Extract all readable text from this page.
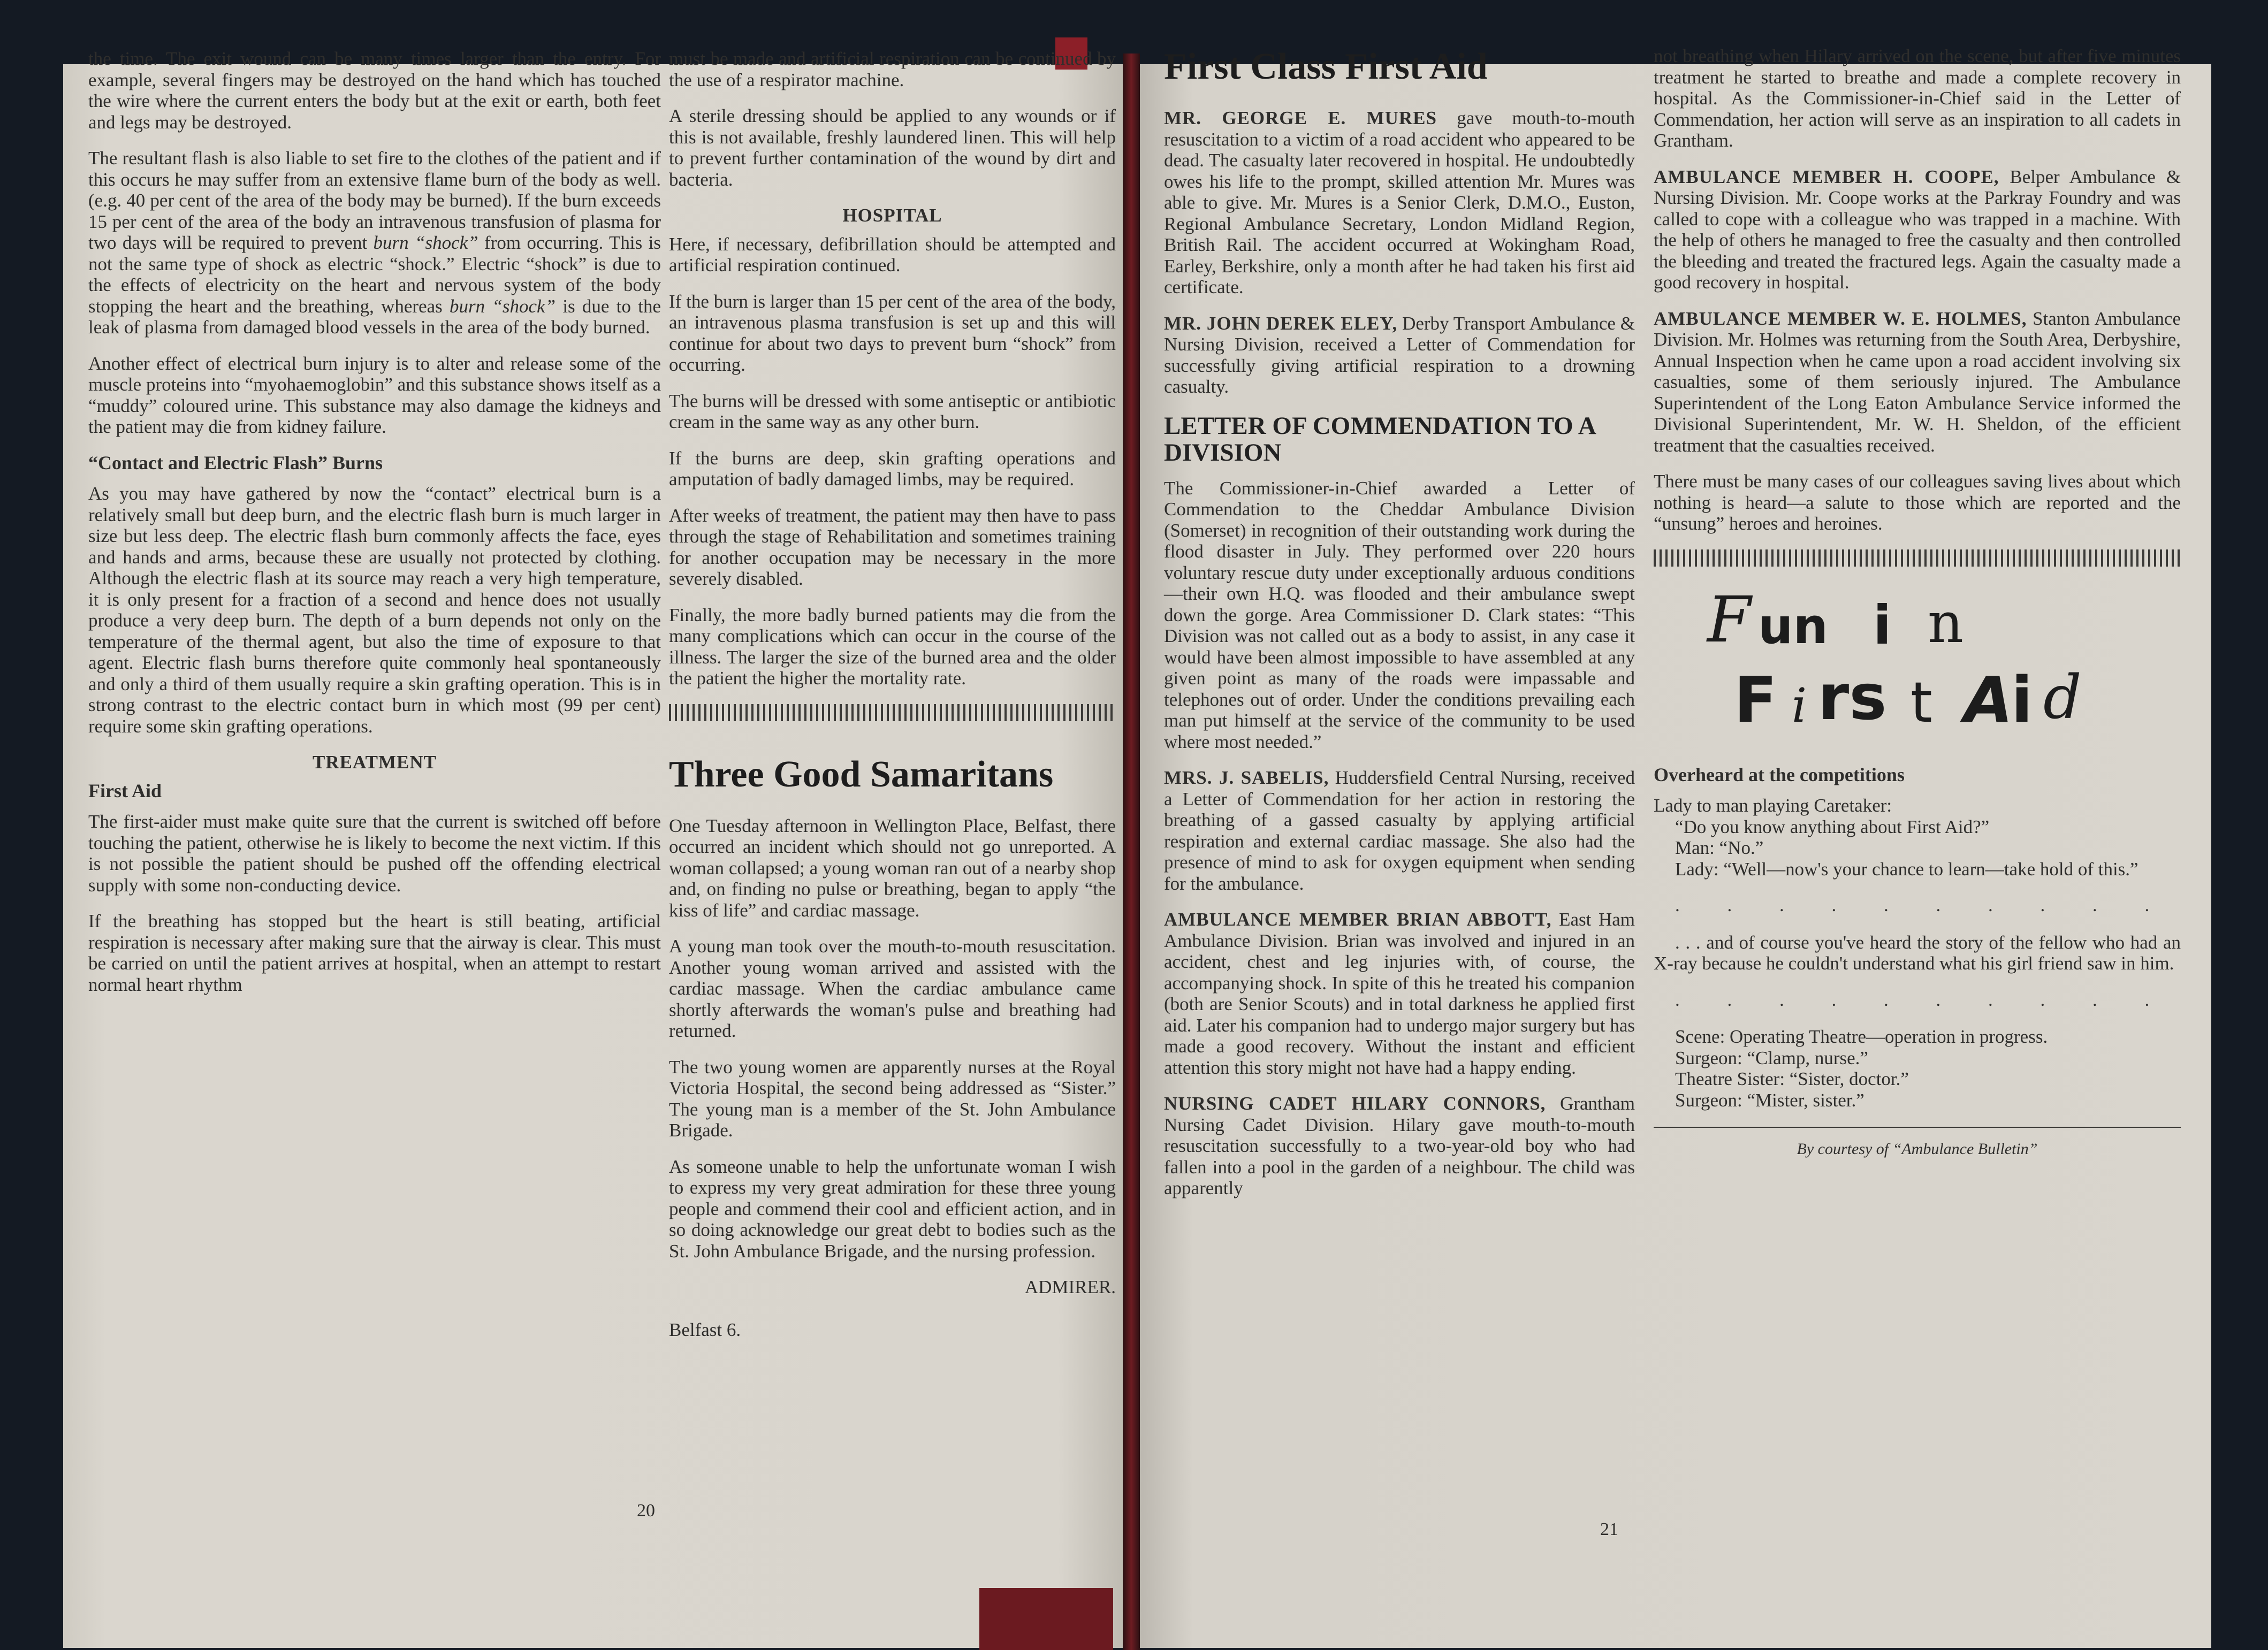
the time. The exit wound can be many times larger than the entry. For example, several fingers may be destroyed on the hand which has touched the wire where the current enters the body but at the exit or earth, both feet and legs may be destroyed.

The resultant flash is also liable to set fire to the clothes of the patient and if this occurs he may suffer from an extensive flame burn of the body as well. (e.g. 40 per cent of the area of the body may be burned). If the burn exceeds 15 per cent of the area of the body an intravenous transfusion of plasma for two days will be required to prevent burn “shock” from occurring. This is not the same type of shock as electric “shock.” Electric “shock” is due to the effects of electricity on the heart and nervous system of the body stopping the heart and the breathing, whereas burn “shock” is due to the leak of plasma from damaged blood vessels in the area of the body burned.

Another effect of electrical burn injury is to alter and release some of the muscle proteins into “myohaemoglobin” and this substance shows itself as a “muddy” coloured urine. This substance may also damage the kidneys and the patient may die from kidney failure.

“Contact and Electric Flash” Burns

As you may have gathered by now the “contact” electrical burn is a relatively small but deep burn, and the electric flash burn is much larger in size but less deep. The electric flash burn commonly affects the face, eyes and hands and arms, because these are usually not protected by clothing. Although the electric flash at its source may reach a very high temperature, it is only present for a fraction of a second and hence does not usually produce a very deep burn. The depth of a burn depends not only on the temperature of the thermal agent, but also the time of exposure to that agent. Electric flash burns therefore quite commonly heal spontaneously and only a third of them usually require a skin grafting operation. This is in strong contrast to the electric contact burn in which most (99 per cent) require some skin grafting operations.

TREATMENT
First Aid

The first-aider must make quite sure that the current is switched off before touching the patient, otherwise he is likely to become the next victim. If this is not possible the patient should be pushed off the offending electrical supply with some non-conducting device.

If the breathing has stopped but the heart is still beating, artificial respiration is necessary after making sure that the airway is clear. This must be carried on until the patient arrives at hospital, when an attempt to restart normal heart rhythm

must be made and artificial respiration can be continued by the use of a respirator machine.

A sterile dressing should be applied to any wounds or if this is not available, freshly laundered linen. This will help to prevent further contamination of the wound by dirt and bacteria.

HOSPITAL

Here, if necessary, defibrillation should be attempted and artificial respiration continued.

If the burn is larger than 15 per cent of the area of the body, an intravenous plasma transfusion is set up and this will continue for about two days to prevent burn “shock” from occurring.

The burns will be dressed with some antiseptic or antibiotic cream in the same way as any other burn.

If the burns are deep, skin grafting operations and amputation of badly damaged limbs, may be required.

After weeks of treatment, the patient may then have to pass through the stage of Rehabilitation and sometimes training for another occupation may be necessary in the more severely disabled.

Finally, the more badly burned patients may die from the many complications which can occur in the course of the illness. The larger the size of the burned area and the older the patient the higher the mortality rate.

Three Good Samaritans

One Tuesday afternoon in Wellington Place, Belfast, there occurred an incident which should not go unreported. A woman collapsed; a young woman ran out of a nearby shop and, on finding no pulse or breathing, began to apply “the kiss of life” and cardiac massage.

A young man took over the mouth-to-mouth resuscitation. Another young woman arrived and assisted with the cardiac massage. When the cardiac ambulance came shortly afterwards the woman's pulse and breathing had returned.

The two young women are apparently nurses at the Royal Victoria Hospital, the second being addressed as “Sister.” The young man is a member of the St. John Ambulance Brigade.

As someone unable to help the unfortunate woman I wish to express my very great admiration for these three young people and commend their cool and efficient action, and in so doing acknowledge our great debt to bodies such as the St. John Ambulance Brigade, and the nursing profession.

ADMIRER.
Belfast 6.
20
First Class First Aid

MR. GEORGE E. MURES gave mouth-to-mouth resuscitation to a victim of a road accident who appeared to be dead. The casualty later recovered in hospital. He undoubtedly owes his life to the prompt, skilled attention Mr. Mures was able to give. Mr. Mures is a Senior Clerk, D.M.O., Euston, Regional Ambulance Secretary, London Midland Region, British Rail. The accident occurred at Wokingham Road, Earley, Berkshire, only a month after he had taken his first aid certificate.

MR. JOHN DEREK ELEY, Derby Transport Ambulance & Nursing Division, received a Letter of Commendation for successfully giving artificial respiration to a drowning casualty.

LETTER OF COMMENDATION TO A DIVISION

The Commissioner-in-Chief awarded a Letter of Commendation to the Cheddar Ambulance Division (Somerset) in recognition of their outstanding work during the flood disaster in July. They performed over 220 hours voluntary rescue duty under exceptionally arduous conditions—their own H.Q. was flooded and their ambulance swept down the gorge. Area Commissioner D. Clark states: “This Division was not called out as a body to assist, in any case it would have been almost impossible to have assembled at any given point as many of the roads were impassable and telephones out of order. Under the conditions prevailing each man put himself at the service of the community to be used where most needed.”

MRS. J. SABELIS, Huddersfield Central Nursing, received a Letter of Commendation for her action in restoring the breathing of a gassed casualty by applying artificial respiration and external cardiac massage. She also had the presence of mind to ask for oxygen equipment when sending for the ambulance.

AMBULANCE MEMBER BRIAN ABBOTT, East Ham Ambulance Division. Brian was involved and injured in an accident, chest and leg injuries with, of course, the accompanying shock. In spite of this he treated his companion (both are Senior Scouts) and in total darkness he applied first aid. Later his companion had to undergo major surgery but has made a good recovery. Without the instant and efficient attention this story might not have had a happy ending.

NURSING CADET HILARY CONNORS, Grantham Nursing Cadet Division. Hilary gave mouth-to-mouth resuscitation successfully to a two-year-old boy who had fallen into a pool in the garden of a neighbour. The child was apparently

not breathing when Hilary arrived on the scene, but after five minutes treatment he started to breathe and made a complete recovery in hospital. As the Commissioner-in-Chief said in the Letter of Commendation, her action will serve as an inspiration to all cadets in Grantham.

AMBULANCE MEMBER H. COOPE, Belper Ambulance & Nursing Division. Mr. Coope works at the Parkray Foundry and was called to cope with a colleague who was trapped in a machine. With the help of others he managed to free the casualty and then controlled the bleeding and treated the fractured legs. Again the casualty made a good recovery in hospital.

AMBULANCE MEMBER W. E. HOLMES, Stanton Ambulance Division. Mr. Holmes was returning from the South Area, Derbyshire, Annual Inspection when he came upon a road accident involving six casualties, some of them seriously injured. The Ambulance Superintendent of the Long Eaton Ambulance Service informed the Divisional Superintendent, Mr. W. H. Sheldon, of the efficient treatment that the casualties received.

There must be many cases of our colleagues saving lives about which nothing is heard—a salute to those which are reported and the “unsung” heroes and heroines.

F un i n
F i rs t A
i d
Overheard at the competitions
Lady to man playing Caretaker:
“Do you know anything about First Aid?”
Man: “No.”

Lady: “Well—now's your chance to learn—take hold of this.”

. . . . . . . . . .

. . . and of course you've heard the story of the fellow who had an X-ray because he couldn't understand what his girl friend saw in him.

. . . . . . . . . .
Scene: Operating Theatre—operation in progress.
Surgeon: “Clamp, nurse.”
Theatre Sister: “Sister, doctor.”
Surgeon: “Mister, sister.”
By courtesy of “Ambulance Bulletin”
21
